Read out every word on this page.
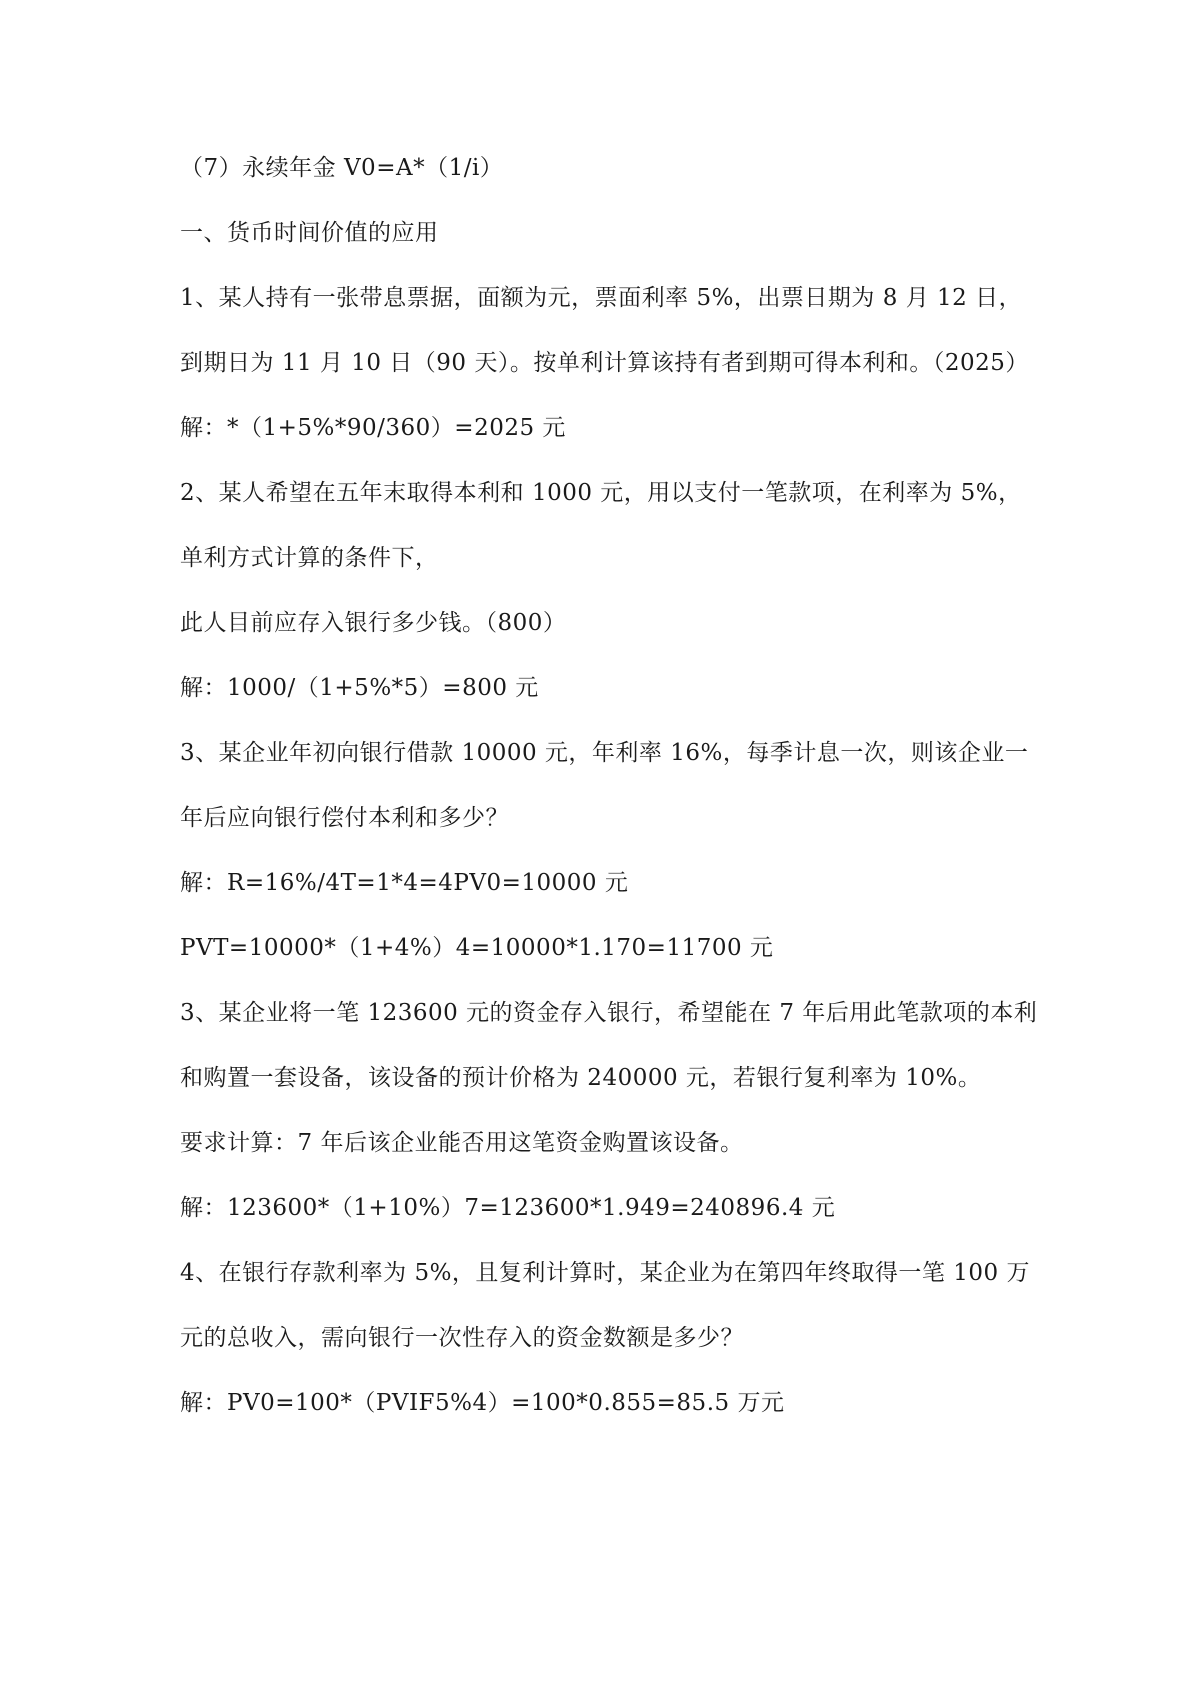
（7）永续年金 V0=A*（1/i）
一、货币时间价值的应用
1、某人持有一张带息票据，面额为元，票面利率 5%，出票日期为 8 月 12 日，
到期日为 11 月 10 日（90 天）。按单利计算该持有者到期可得本利和。（2025）
解：*（1+5%*90/360）=2025 元
2、某人希望在五年末取得本利和 1000 元，用以支付一笔款项，在利率为 5%，
单利方式计算的条件下，
此人目前应存入银行多少钱。（800）
解：1000/（1+5%*5）=800 元
3、某企业年初向银行借款 10000 元，年利率 16%，每季计息一次，则该企业一
年后应向银行偿付本利和多少？
解：R=16%/4T=1*4=4PV0=10000 元
PVT=10000*（1+4%）4=10000*1.170=11700 元
3、某企业将一笔 123600 元的资金存入银行，希望能在 7 年后用此笔款项的本利
和购置一套设备，该设备的预计价格为 240000 元，若银行复利率为 10%。
要求计算：7 年后该企业能否用这笔资金购置该设备。
解：123600*（1+10%）7=123600*1.949=240896.4 元
4、在银行存款利率为 5%，且复利计算时，某企业为在第四年终取得一笔 100 万
元的总收入，需向银行一次性存入的资金数额是多少？
解：PV0=100*（PVIF5%4）=100*0.855=85.5 万元
